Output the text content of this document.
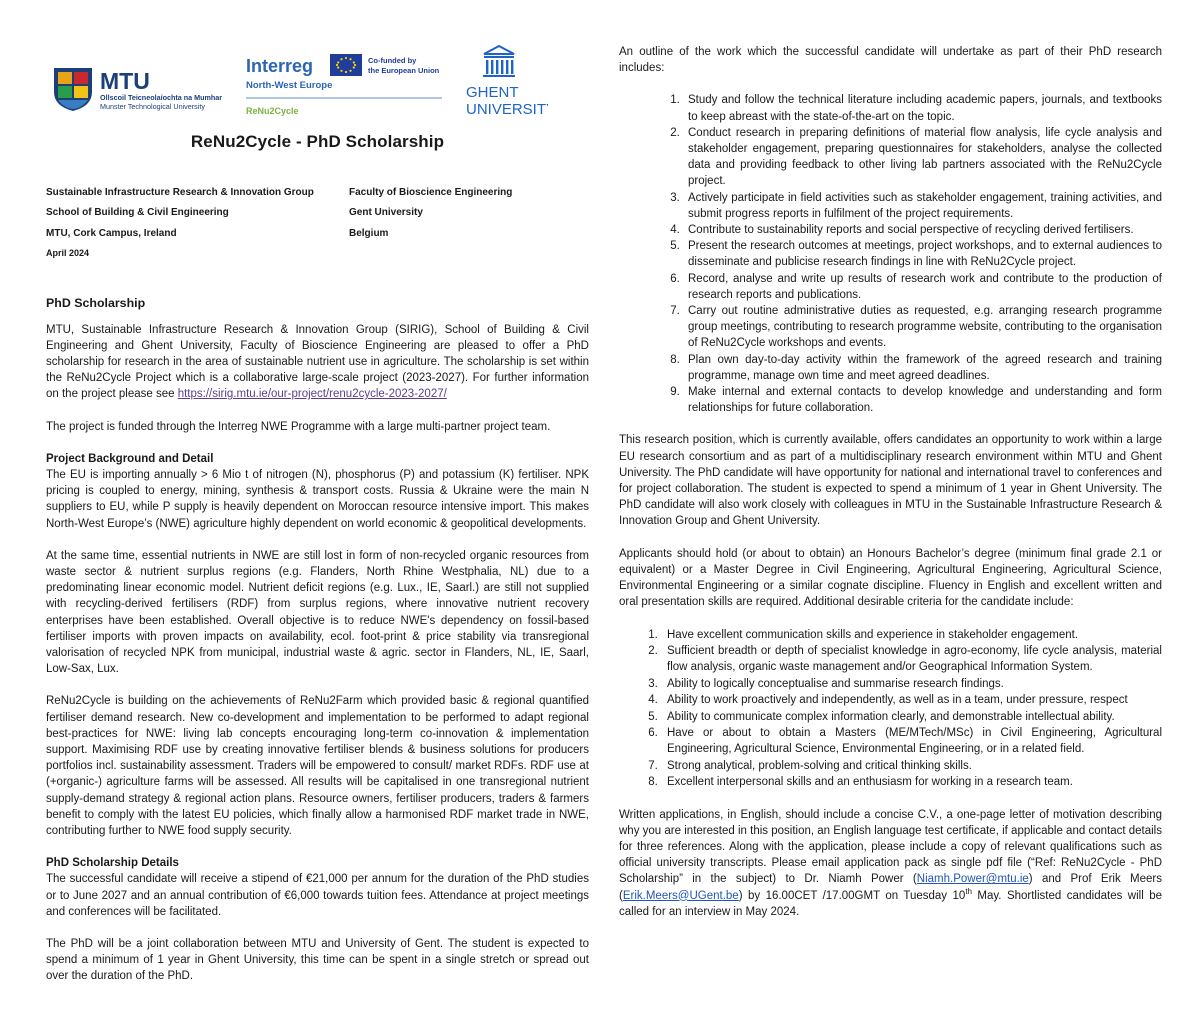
MTU
Ollscoil Teicneolaíochta na Mumhan
Munster Technological University
Interreg	Co-funded by
the European Union
North-West Europe
ReNu2Cycle
GHENT
UNIVERSITY
ReNu2Cycle - PhD Scholarship
Sustainable Infrastructure Research & Innovation Group	Faculty of Bioscience Engineering
School of Building & Civil Engineering	Gent University
MTU, Cork Campus, Ireland	Belgium
April 2024
PhD Scholarship

MTU, Sustainable Infrastructure Research & Innovation Group (SIRIG), School of Building & Civil Engineering and Ghent University, Faculty of Bioscience Engineering are pleased to offer a PhD scholarship for research in the area of sustainable nutrient use in agriculture. The scholarship is set within the ReNu2Cycle Project which is a collaborative large-scale project (2023-2027). For further information on the project please see https://sirig.mtu.ie/our-project/renu2cycle-2023-2027/

The project is funded through the Interreg NWE Programme with a large multi-partner project team.

Project Background and Detail

The EU is importing annually > 6 Mio t of nitrogen (N), phosphorus (P) and potassium (K) fertiliser. NPK pricing is coupled to energy, mining, synthesis & transport costs. Russia & Ukraine were the main N suppliers to EU, while P supply is heavily dependent on Moroccan resource intensive import. This makes North-West Europe’s (NWE) agriculture highly dependent on world economic & geopolitical developments.

At the same time, essential nutrients in NWE are still lost in form of non-recycled organic resources from waste sector & nutrient surplus regions (e.g. Flanders, North Rhine Westphalia, NL) due to a predominating linear economic model. Nutrient deficit regions (e.g. Lux., IE, Saarl.) are still not supplied with recycling-derived fertilisers (RDF) from surplus regions, where innovative nutrient recovery enterprises have been established. Overall objective is to reduce NWE's dependency on fossil-based fertiliser imports with proven impacts on availability, ecol. foot-print & price stability via transregional valorisation of recycled NPK from municipal, industrial waste & agric. sector in Flanders, NL, IE, Saarl, Low-Sax, Lux.

ReNu2Cycle is building on the achievements of ReNu2Farm which provided basic & regional quantified fertiliser demand research. New co-development and implementation to be performed to adapt regional best-practices for NWE: living lab concepts encouraging long-term co-innovation & implementation support. Maximising RDF use by creating innovative fertiliser blends & business solutions for producers portfolios incl. sustainability assessment. Traders will be empowered to consult/ market RDFs. RDF use at (+organic-) agriculture farms will be assessed. All results will be capitalised in one transregional nutrient supply-demand strategy & regional action plans. Resource owners, fertiliser producers, traders & farmers benefit to comply with the latest EU policies, which finally allow a harmonised RDF market trade in NWE, contributing further to NWE food supply security.

PhD Scholarship Details

The successful candidate will receive a stipend of €21,000 per annum for the duration of the PhD studies or to June 2027 and an annual contribution of €6,000 towards tuition fees. Attendance at project meetings and conferences will be facilitated.

The PhD will be a joint collaboration between MTU and University of Gent. The student is expected to spend a minimum of 1 year in Ghent University, this time can be spent in a single stretch or spread out over the duration of the PhD.

An outline of the work which the successful candidate will undertake as part of their PhD research includes:

1. Study and follow the technical literature including academic papers, journals, and textbooks to keep abreast with the state-of-the-art on the topic.
2. Conduct research in preparing definitions of material flow analysis, life cycle analysis and stakeholder engagement, preparing questionnaires for stakeholders, analyse the collected data and providing feedback to other living lab partners associated with the ReNu2Cycle project.
3. Actively participate in field activities such as stakeholder engagement, training activities, and submit progress reports in fulfilment of the project requirements.
4. Contribute to sustainability reports and social perspective of recycling derived fertilisers.
5. Present the research outcomes at meetings, project workshops, and to external audiences to disseminate and publicise research findings in line with ReNu2Cycle project.
6. Record, analyse and write up results of research work and contribute to the production of research reports and publications.
7. Carry out routine administrative duties as requested, e.g. arranging research programme group meetings, contributing to research programme website, contributing to the organisation of ReNu2Cycle workshops and events.
8. Plan own day-to-day activity within the framework of the agreed research and training programme, manage own time and meet agreed deadlines.
9. Make internal and external contacts to develop knowledge and understanding and form relationships for future collaboration.

This research position, which is currently available, offers candidates an opportunity to work within a large EU research consortium and as part of a multidisciplinary research environment within MTU and Ghent University. The PhD candidate will have opportunity for national and international travel to conferences and for project collaboration. The student is expected to spend a minimum of 1 year in Ghent University. The PhD candidate will also work closely with colleagues in MTU in the Sustainable Infrastructure Research & Innovation Group and Ghent University.

Applicants should hold (or about to obtain) an Honours Bachelor’s degree (minimum final grade 2.1 or equivalent) or a Master Degree in Civil Engineering, Agricultural Engineering, Agricultural Science, Environmental Engineering or a similar cognate discipline. Fluency in English and excellent written and oral presentation skills are required. Additional desirable criteria for the candidate include:

1. Have excellent communication skills and experience in stakeholder engagement.
2. Sufficient breadth or depth of specialist knowledge in agro-economy, life cycle analysis, material flow analysis, organic waste management and/or Geographical Information System.
3. Ability to logically conceptualise and summarise research findings.
4. Ability to work proactively and independently, as well as in a team, under pressure, respect
5. Ability to communicate complex information clearly, and demonstrable intellectual ability.
6. Have or about to obtain a Masters (ME/MTech/MSc) in Civil Engineering, Agricultural Engineering, Agricultural Science, Environmental Engineering, or in a related field.
7. Strong analytical, problem-solving and critical thinking skills.
8. Excellent interpersonal skills and an enthusiasm for working in a research team.

Written applications, in English, should include a concise C.V., a one-page letter of motivation describing why you are interested in this position, an English language test certificate, if applicable and contact details for three references. Along with the application, please include a copy of relevant qualifications such as official university transcripts. Please email application pack as single pdf file (“Ref: ReNu2Cycle - PhD Scholarship” in the subject) to Dr. Niamh Power (Niamh.Power@mtu.ie) and Prof Erik Meers (Erik.Meers@UGent.be) by 16.00CET /17.00GMT on Tuesday 10th May. Shortlisted candidates will be called for an interview in May 2024.
